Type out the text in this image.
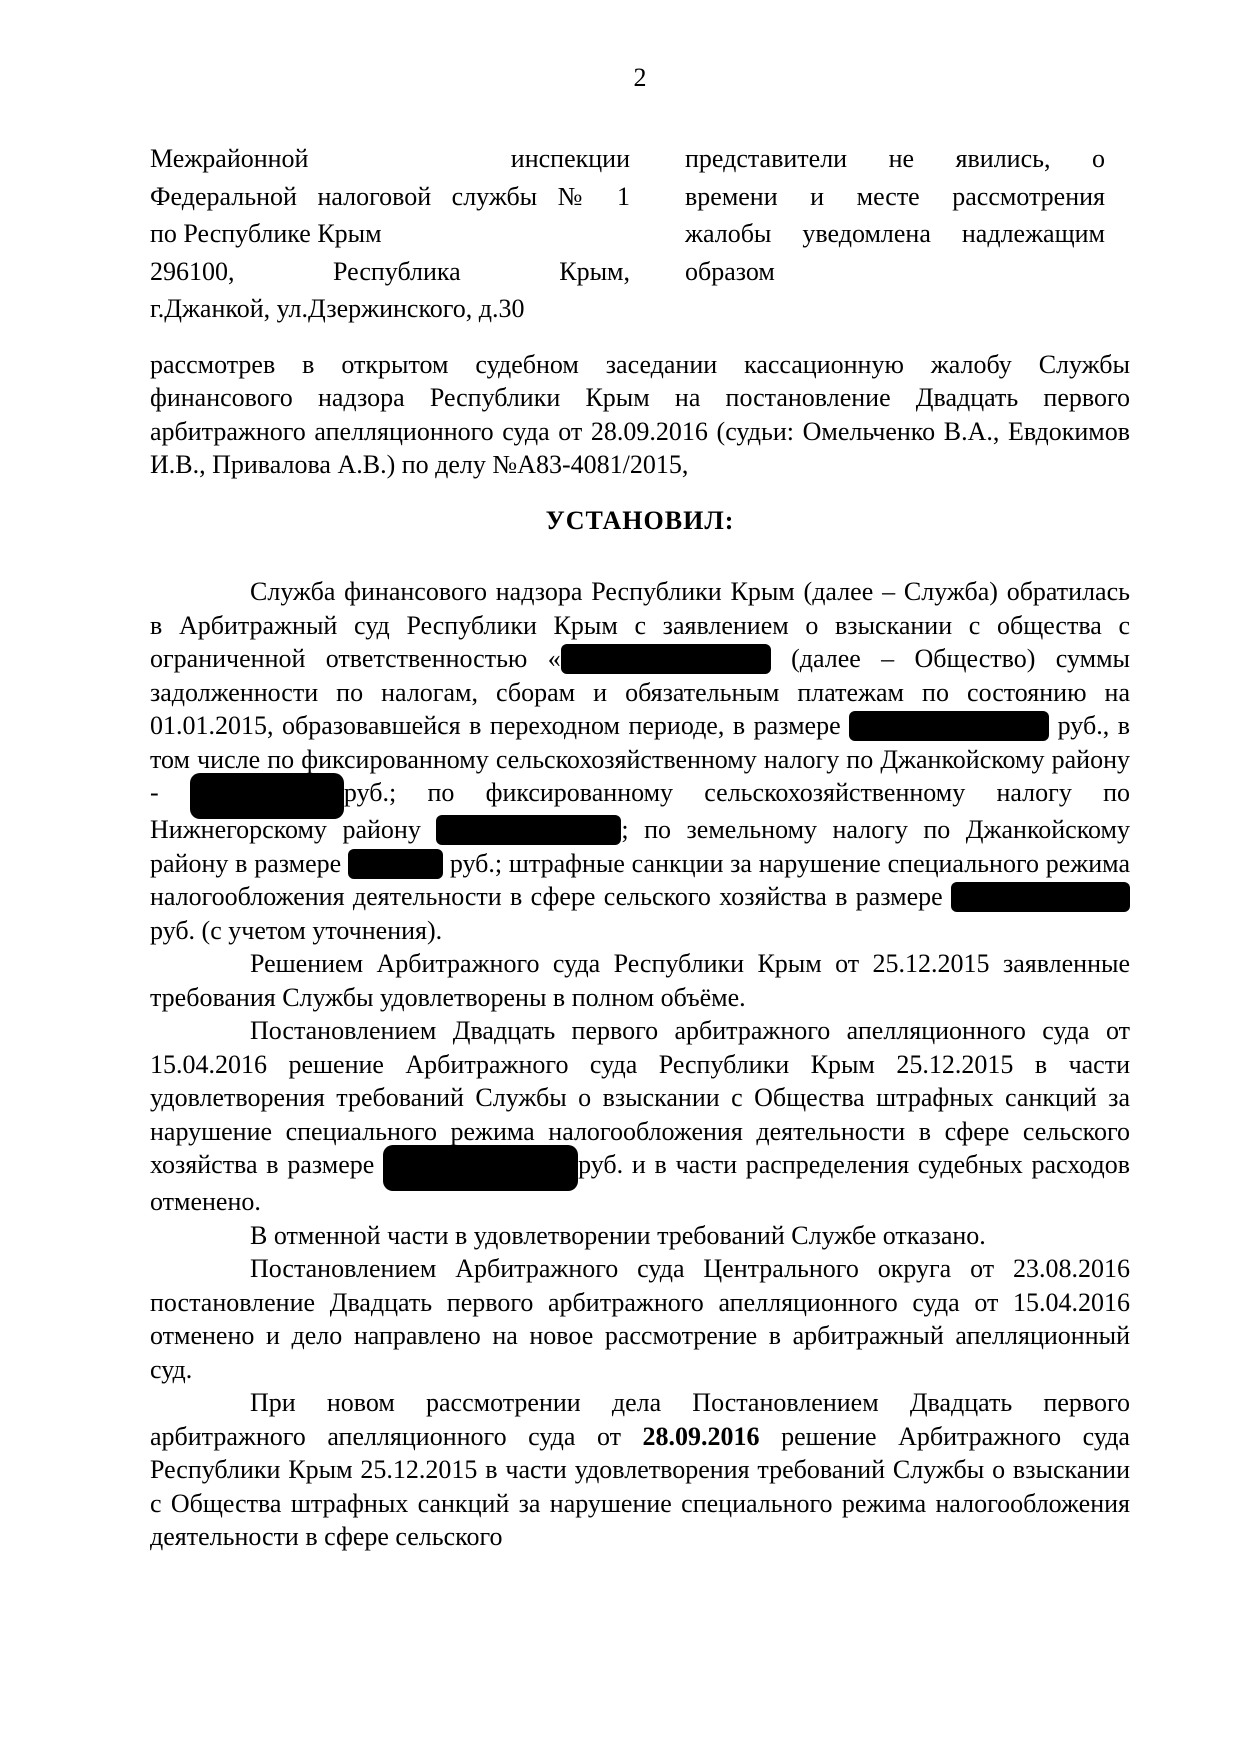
2
Межрайонной инспекции
Федеральной налоговой службы № 1
по Республике Крым
296100, Республика Крым,
г.Джанкой, ул.Дзержинского, д.30
представители не явились, о
времени и месте рассмотрения
жалобы уведомлена надлежащим
образом
рассмотрев в открытом судебном заседании кассационную жалобу Службы финансового надзора Республики Крым на постановление Двадцать первого арбитражного апелляционного суда от 28.09.2016 (судьи: Омельченко В.А., Евдокимов И.В., Привалова А.В.) по делу №А83-4081/2015,
УСТАНОВИЛ:

Служба финансового надзора Республики Крым (далее – Служба) обратилась в Арбитражный суд Республики Крым с заявлением о взыскании с общества с ограниченной ответственностью «	(далее – Общество) суммы задолженности по налогам, сборам и обязательным платежам по состоянию на 01.01.2015, образовавшейся в переходном периоде, в размере	руб., в том числе по фиксированному сельскохозяйственному налогу по Джанкойскому району -	руб.; по фиксированному сельскохозяйственному налогу по Нижнегорскому району	; по земельному налогу по Джанкойскому району в размере	руб.; штрафные санкции за нарушение специального режима налогообложения деятельности в сфере сельского хозяйства в размере руб. (с учетом уточнения).

Решением Арбитражного суда Республики Крым от 25.12.2015 заявленные требования Службы удовлетворены в полном объёме.

Постановлением Двадцать первого арбитражного апелляционного суда от 15.04.2016 решение Арбитражного суда Республики Крым 25.12.2015 в части удовлетворения требований Службы о взыскании с Общества штрафных санкций за нарушение специального режима налогообложения деятельности в сфере сельского хозяйства в размере	руб. и в части распределения судебных расходов отменено.

В отменной части в удовлетворении требований Службе отказано.

Постановлением Арбитражного суда Центрального округа от 23.08.2016 постановление Двадцать первого арбитражного апелляционного суда от 15.04.2016 отменено и дело направлено на новое рассмотрение в арбитражный апелляционный суд.

При новом рассмотрении дела Постановлением Двадцать первого арбитражного апелляционного суда от 28.09.2016 решение Арбитражного суда Республики Крым 25.12.2015 в части удовлетворения требований Службы о взыскании с Общества штрафных санкций за нарушение специального режима налогообложения деятельности в сфере сельского
